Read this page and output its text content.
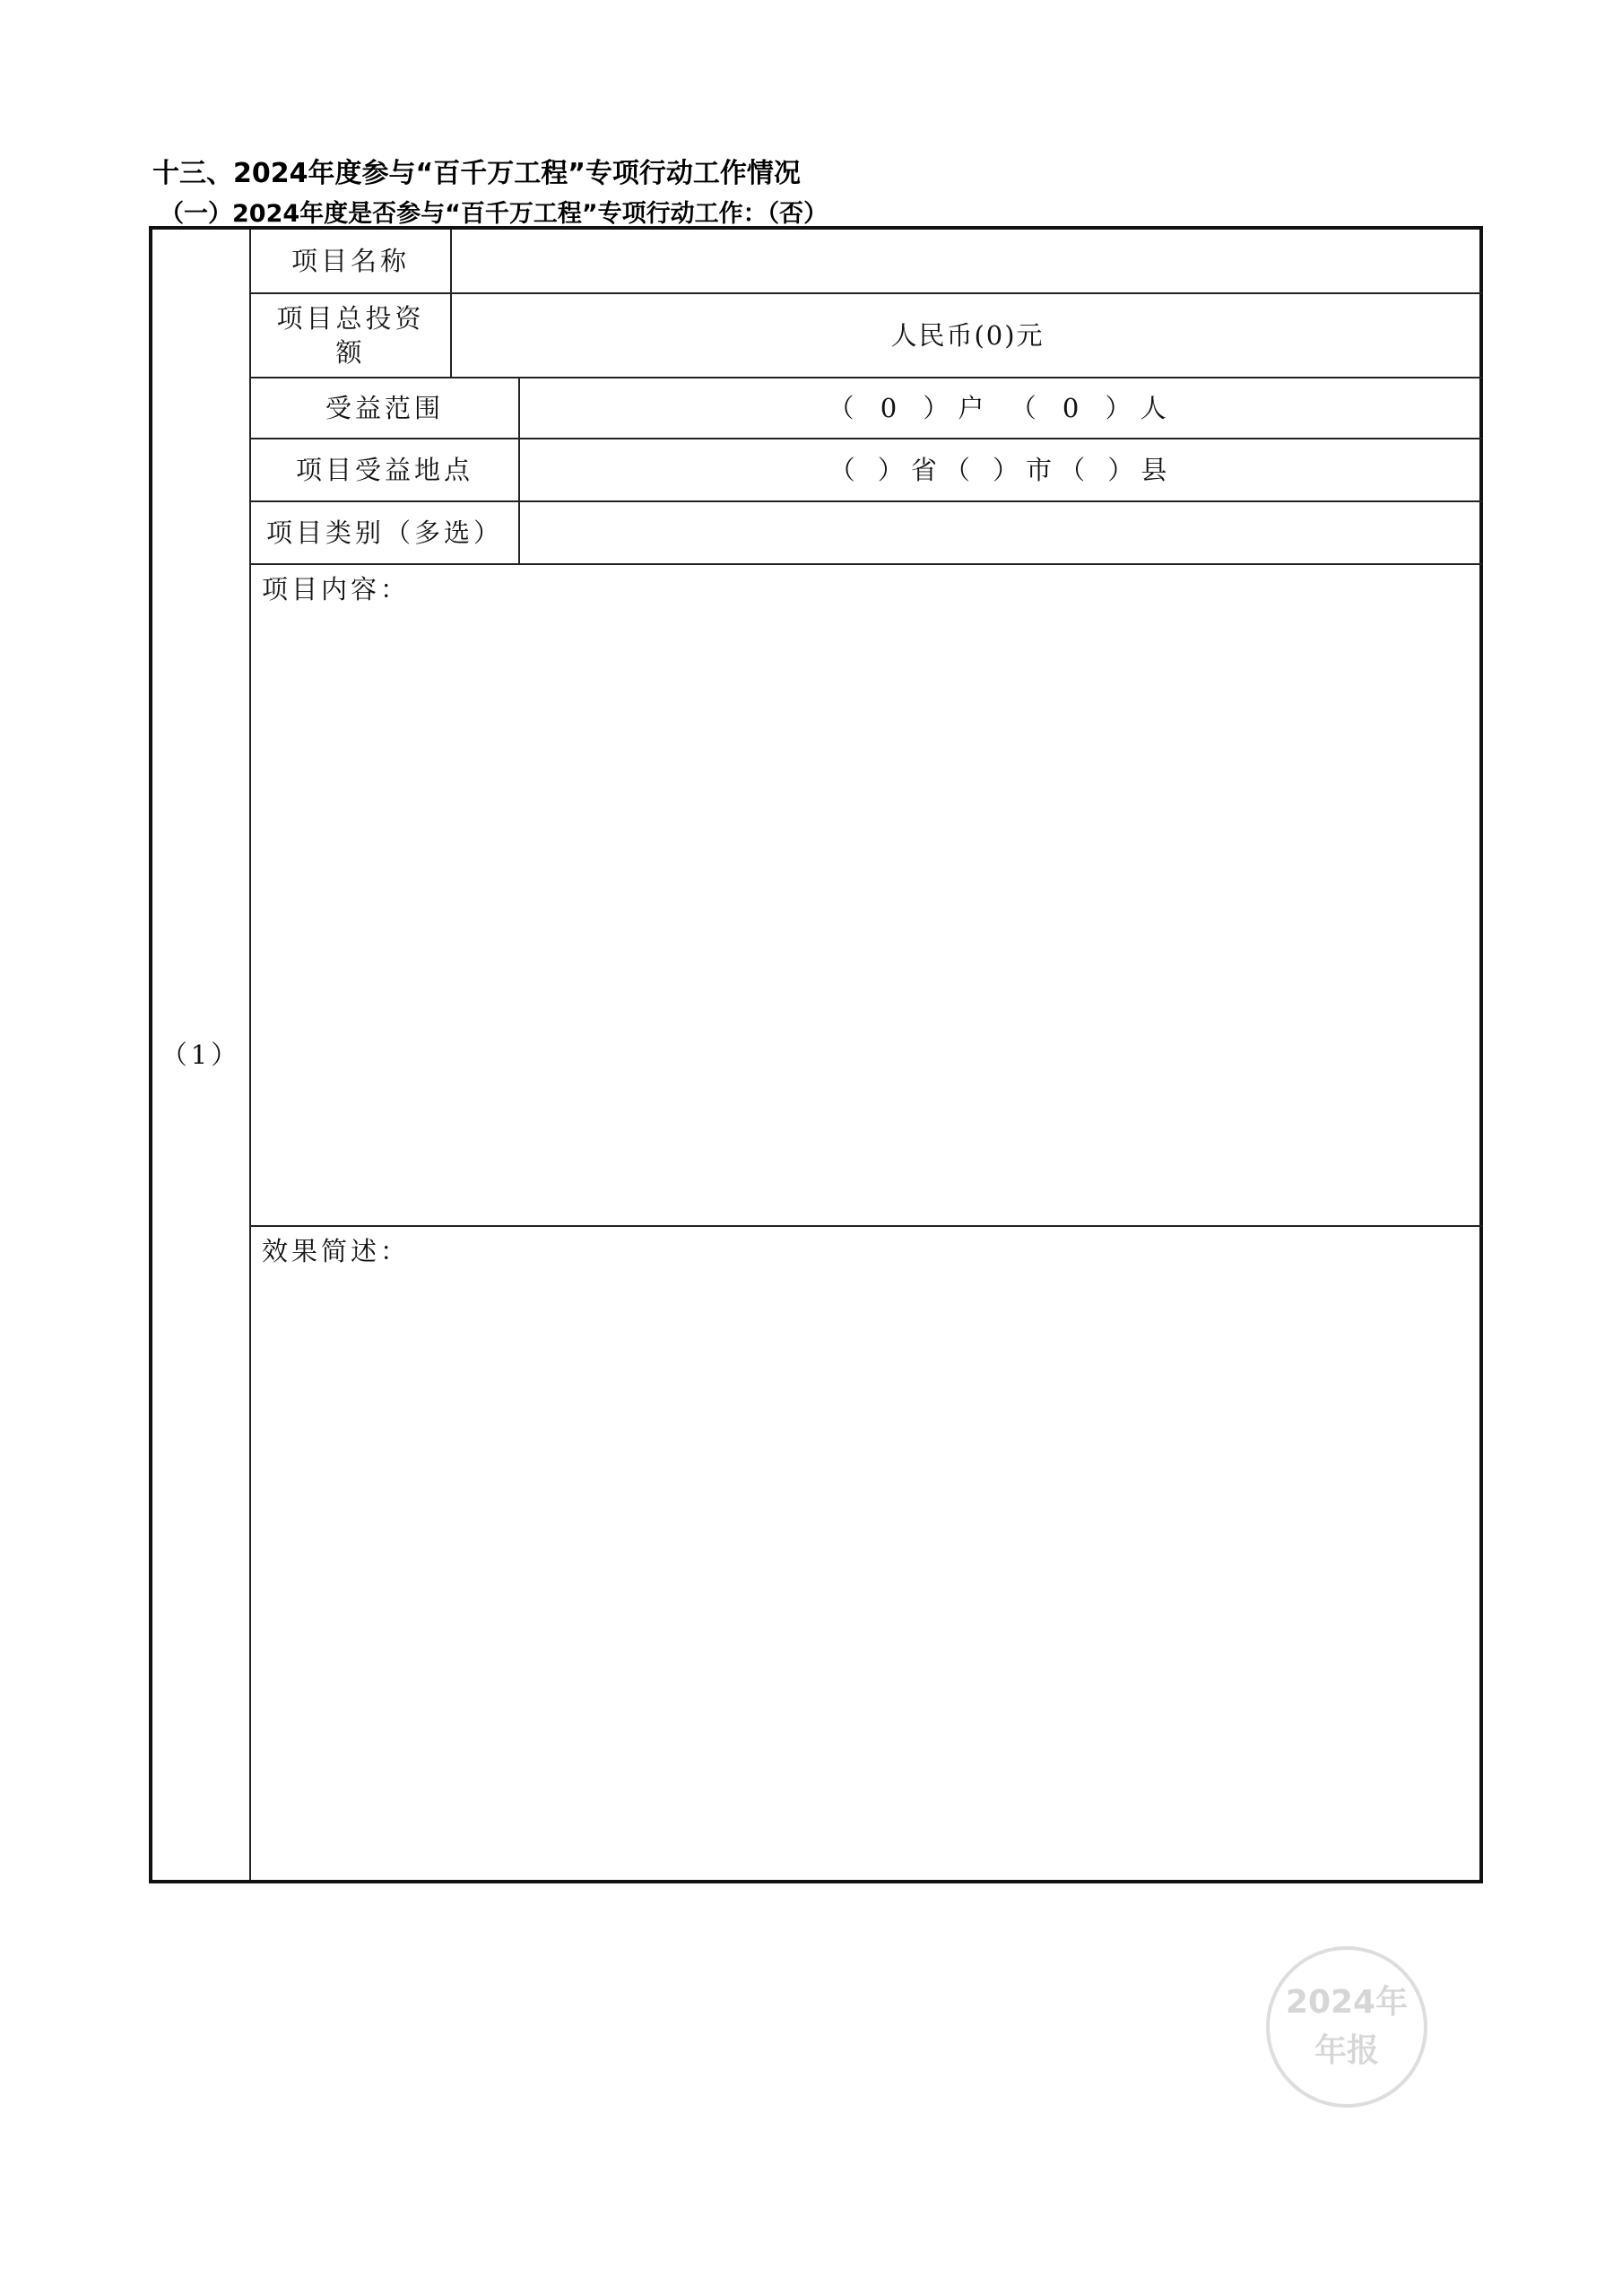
十三、2024年度参与“百千万工程”专项行动工作情况
（一）2024年度是否参与“百千万工程”专项行动工作：（否）
（1）
项目名称
项目总投资
额
人民币(0)元
受益范围	（ 0 ）户 （ 0 ）人
项目受益地点	（ ）省（ ）市（ ）县
项目类别（多选）
项目内容：
效果简述：
2024年
年报
